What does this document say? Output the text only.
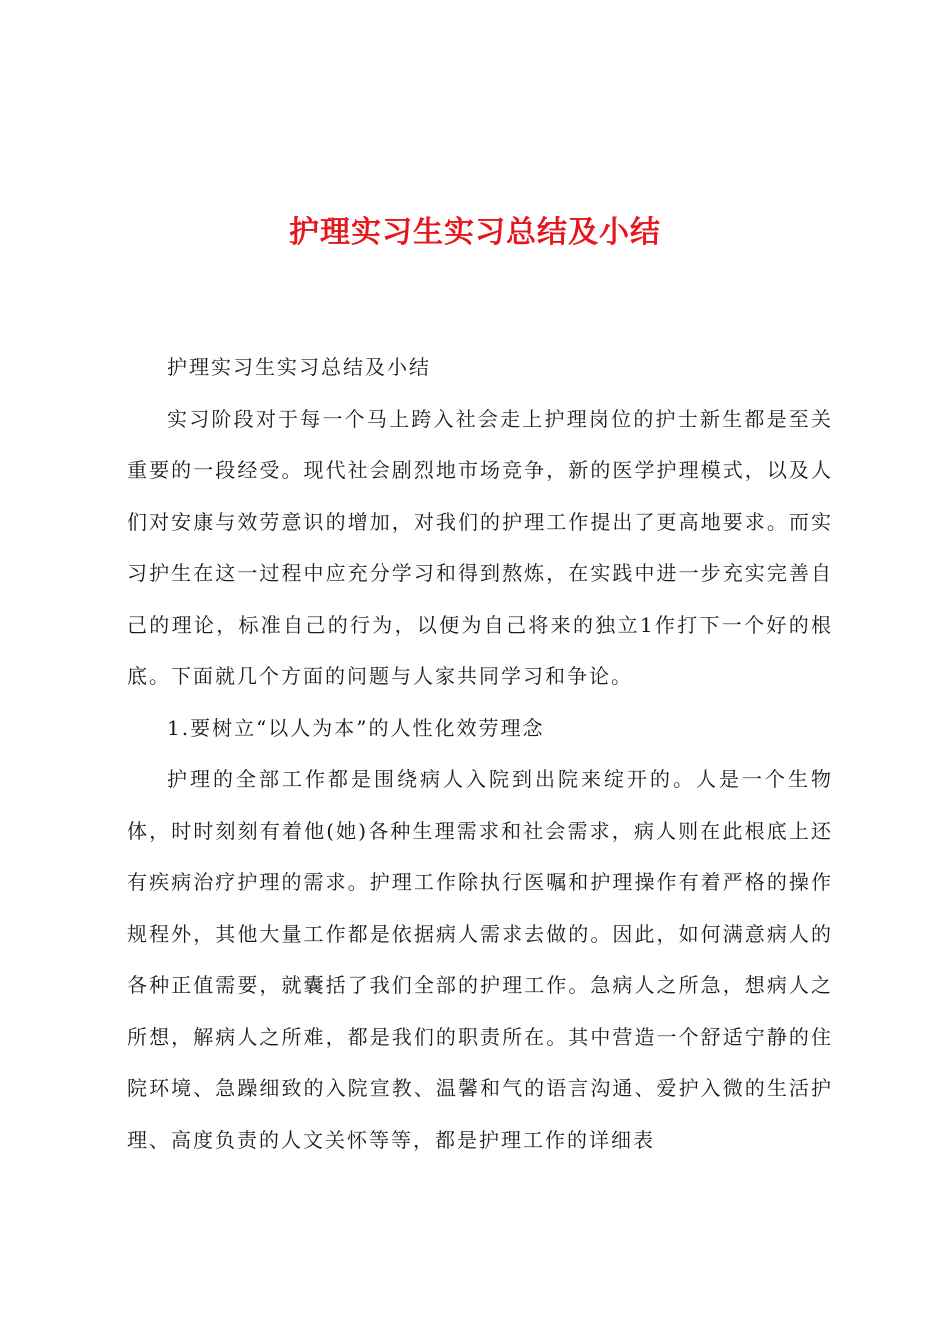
护理实习生实习总结及小结

护理实习生实习总结及小结

实习阶段对于每一个马上跨入社会走上护理岗位的护士新生都是至关重要的一段经受。现代社会剧烈地市场竞争，新的医学护理模式，以及人们对安康与效劳意识的增加，对我们的护理工作提出了更高地要求。而实习护生在这一过程中应充分学习和得到熬炼，在实践中进一步充实完善自己的理论，标准自己的行为，以便为自己将来的独立1作打下一个好的根底。下面就几个方面的问题与人家共同学习和争论。

1.要树立“以人为本”的人性化效劳理念

护理的全部工作都是围绕病人入院到出院来绽开的。人是一个生物体，时时刻刻有着他(她)各种生理需求和社会需求，病人则在此根底上还有疾病治疗护理的需求。护理工作除执行医嘱和护理操作有着严格的操作规程外，其他大量工作都是依据病人需求去做的。因此，如何满意病人的各种正值需要，就囊括了我们全部的护理工作。急病人之所急，想病人之所想，解病人之所难，都是我们的职责所在。其中营造一个舒适宁静的住院环境、急躁细致的入院宣教、温馨和气的语言沟通、爱护入微的生活护理、高度负责的人文关怀等等，都是护理工作的详细表
